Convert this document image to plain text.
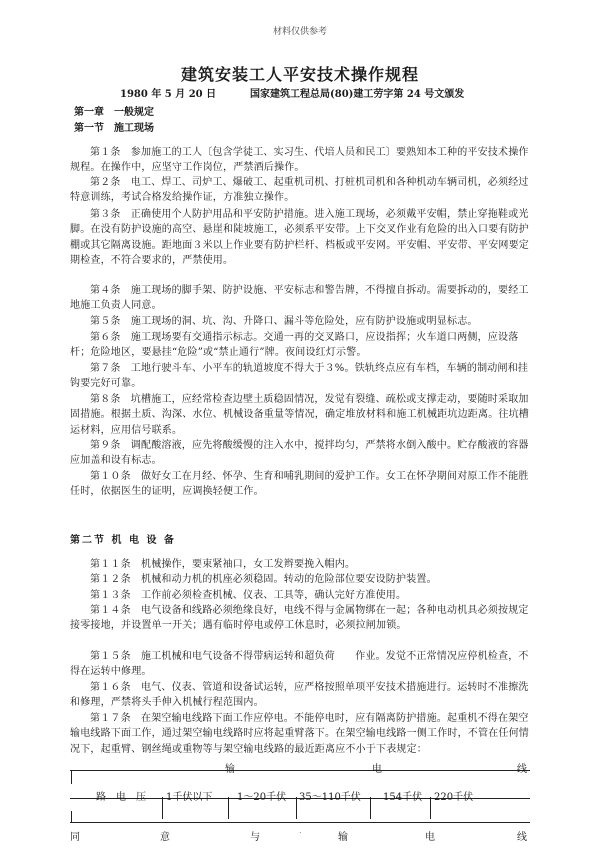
材料仅供参考
建筑安装工人平安技术操作规程
1980 年 5 月 20 日	国家建筑工程总局(80)建工劳字第 24 号文颁发
第一章　一般规定
第一节　施工现场
第１条　参加施工的工人〔包含学徒工、实习生、代培人员和民工〕要熟知本工种的平安技术操作规程。在操作中，应坚守工作岗位，严禁酒后操作。
第２条　电工、焊工、司炉工、爆破工、起重机司机、打桩机司机和各种机动车辆司机，必须经过特意训练，考试合格发给操作证，方准独立操作。
第３条　正确使用个人防护用品和平安防护措施。进入施工现场，必须戴平安帽，禁止穿拖鞋或光脚。在没有防护设施的高空、悬崖和陡坡施工，必须系平安带。上下交叉作业有危险的出入口要有防护棚或其它隔离设施。距地面３米以上作业要有防护栏杆、档板或平安网。平安帽、平安带、平安网要定期检查，不符合要求的，严禁使用。
第４条　施工现场的脚手架、防护设施、平安标志和警告牌，不得擅自拆动。需要拆动的，要经工地施工负责人同意。
第５条　施工现场的洞、坑、沟、升降口、漏斗等危险处，应有防护设施或明显标志。
第６条　施工现场要有交通指示标志。交通一再的交叉路口，应设指挥；火车道口两侧，应设落杆；危险地区，要悬挂“危险”或“禁止通行”牌。夜间设红灯示警。
第７条　工地行驶斗车、小平车的轨道坡度不得大于３%。铁轨终点应有车档，车辆的制动闸和挂钩要完好可靠。
第８条　坑槽施工，应经常检查边壁土质稳固情况，发觉有裂缝、疏松或支撑走动，要随时采取加固措施。根据土质、沟深、水位、机械设备重量等情况，确定堆放材料和施工机械距坑边距离。往坑槽运材料，应用信号联系。
第９条　调配酸溶液，应先将酸缓慢的注入水中，搅拌均匀，严禁将水倒入酸中。贮存酸液的容器应加盖和设有标志。
第１０条　做好女工在月经、怀孕、生育和哺乳期间的爱护工作。女工在怀孕期间对原工作不能胜任时，依据医生的证明，应调换轻便工作。
第二节 机 电 设 备
第１１条　机械操作，要束紧袖口，女工发辫要挽入帽内。
第１２条　机械和动力机的机座必须稳固。转动的危险部位要安设防护装置。
第１３条　工作前必须检查机械、仪表、工具等，确认完好方准使用。
第１４条　电气设备和线路必须绝缘良好，电线不得与金属物绑在一起；各种电动机具必须按规定接零接地，并设置单一开关；遇有临时停电或停工休息时，必须拉闸加锁。
第１５条　施工机械和电气设备不得带病运转和超负荷　　作业。发觉不正常情况应停机检查，不得在运转中修理。
第１６条　电气、仪表、管道和设备试运转，应严格按照单项平安技术措施进行。运转时不准擦洗和修理，严禁将头手伸入机械行程范围内。
第１７条　在架空输电线路下面工作应停电。不能停电时，应有隔离防护措施。起重机不得在架空输电线路下面工作，通过架空输电线路时应将起重臂落下。在架空输电线路一侧工作时，不管在任何情况下，起重臂、钢丝绳或重物等与架空输电线路的最近距离应不小于下表规定：
输	电	线
路　电　压 1千伏以下 1～20千伏 35～110千伏 154千伏 220千伏
同	意	与	输	电	线
.
